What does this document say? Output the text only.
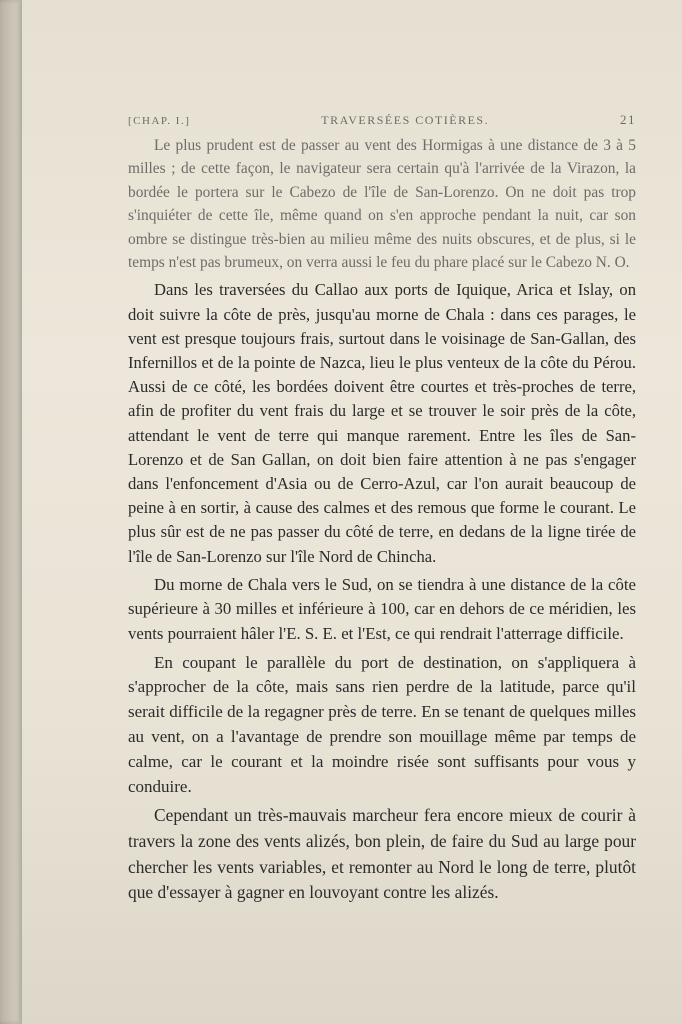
[CHAP. I.]	TRAVERSÉES COTIÈRES.	21

Le plus prudent est de passer au vent des Hormigas à une distance de 3 à 5 milles ; de cette façon, le navigateur sera certain qu'à l'arrivée de la Virazon, la bordée le portera sur le Cabezo de l'île de San-Lorenzo. On ne doit pas trop s'inquiéter de cette île, même quand on s'en approche pendant la nuit, car son ombre se distingue très-bien au milieu même des nuits obscures, et de plus, si le temps n'est pas brumeux, on verra aussi le feu du phare placé sur le Cabezo N. O.

Dans les traversées du Callao aux ports de Iquique, Arica et Islay, on doit suivre la côte de près, jusqu'au morne de Chala : dans ces parages, le vent est presque toujours frais, surtout dans le voisinage de San-Gallan, des Infernillos et de la pointe de Nazca, lieu le plus venteux de la côte du Pérou. Aussi de ce côté, les bordées doivent être courtes et très-proches de terre, afin de profiter du vent frais du large et se trouver le soir près de la côte, attendant le vent de terre qui manque rarement. Entre les îles de San-Lorenzo et de San Gallan, on doit bien faire attention à ne pas s'engager dans l'enfoncement d'Asia ou de Cerro-Azul, car l'on aurait beaucoup de peine à en sortir, à cause des calmes et des remous que forme le courant. Le plus sûr est de ne pas passer du côté de terre, en dedans de la ligne tirée de l'île de San-Lorenzo sur l'île Nord de Chincha.

Du morne de Chala vers le Sud, on se tiendra à une distance de la côte supérieure à 30 milles et inférieure à 100, car en dehors de ce méridien, les vents pourraient hâler l'E. S. E. et l'Est, ce qui rendrait l'atterrage difficile.

En coupant le parallèle du port de destination, on s'appliquera à s'approcher de la côte, mais sans rien perdre de la latitude, parce qu'il serait difficile de la regagner près de terre. En se tenant de quelques milles au vent, on a l'avantage de prendre son mouillage même par temps de calme, car le courant et la moindre risée sont suffisants pour vous y conduire.

Cependant un très-mauvais marcheur fera encore mieux de courir à travers la zone des vents alizés, bon plein, de faire du Sud au large pour chercher les vents variables, et remonter au Nord le long de terre, plutôt que d'essayer à gagner en louvoyant contre les alizés.
